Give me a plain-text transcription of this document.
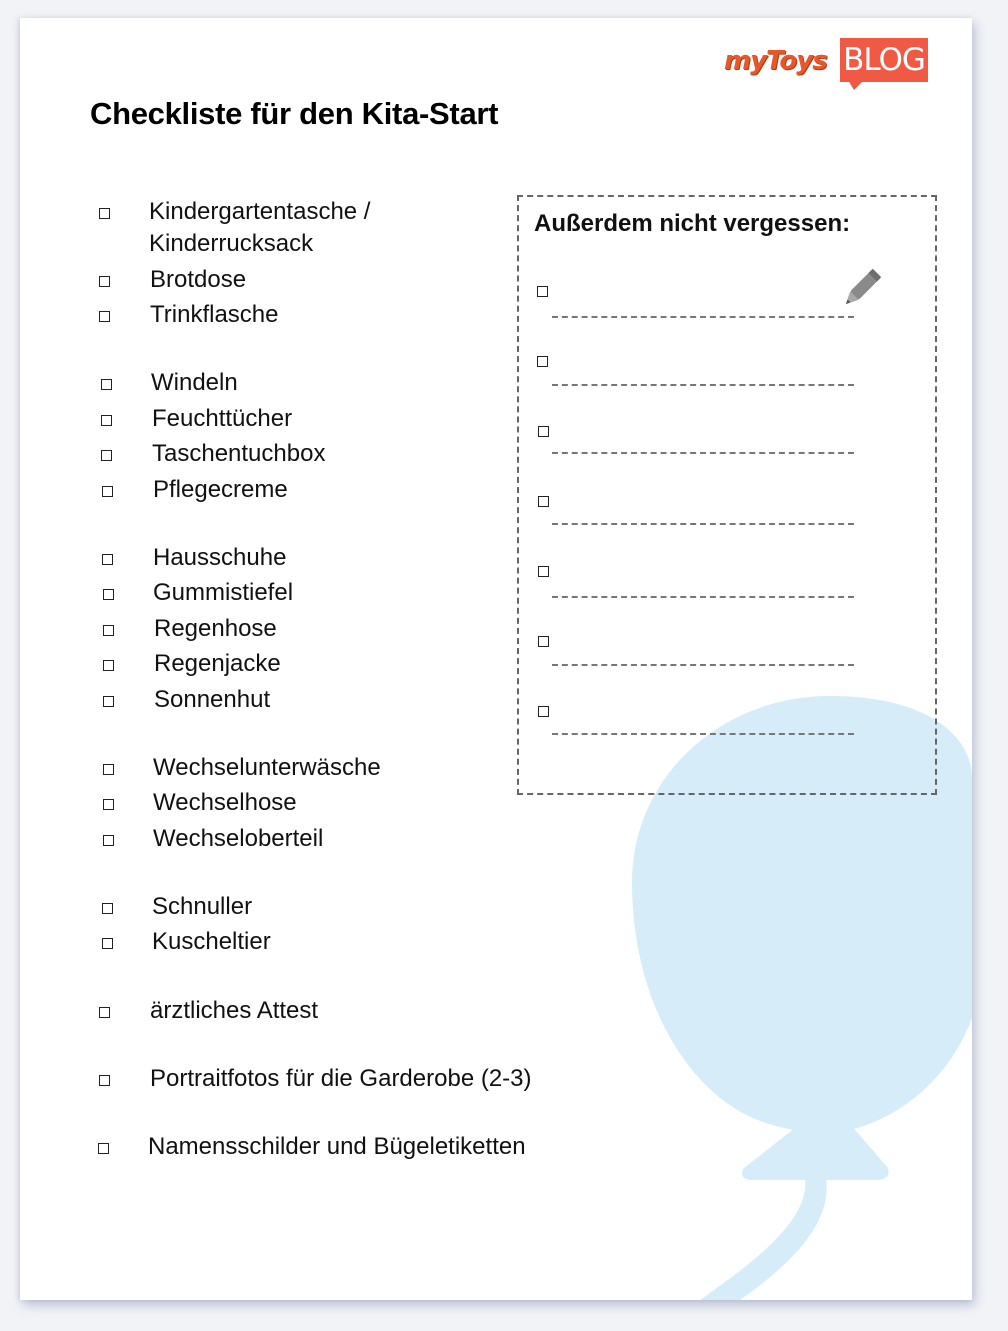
myToys BLOG
Checkliste für den Kita-Start
Kindergartentasche /
Kinderrucksack
Brotdose
Trinkflasche
Windeln
Feuchttücher
Taschentuchbox
Pflegecreme
Hausschuhe
Gummistiefel
Regenhose
Regenjacke
Sonnenhut
Wechselunterwäsche
Wechselhose
Wechseloberteil
Schnuller
Kuscheltier
ärztliches Attest
Portraitfotos für die Garderobe (2-3)
Namensschilder und Bügeletiketten
Außerdem nicht vergessen:
